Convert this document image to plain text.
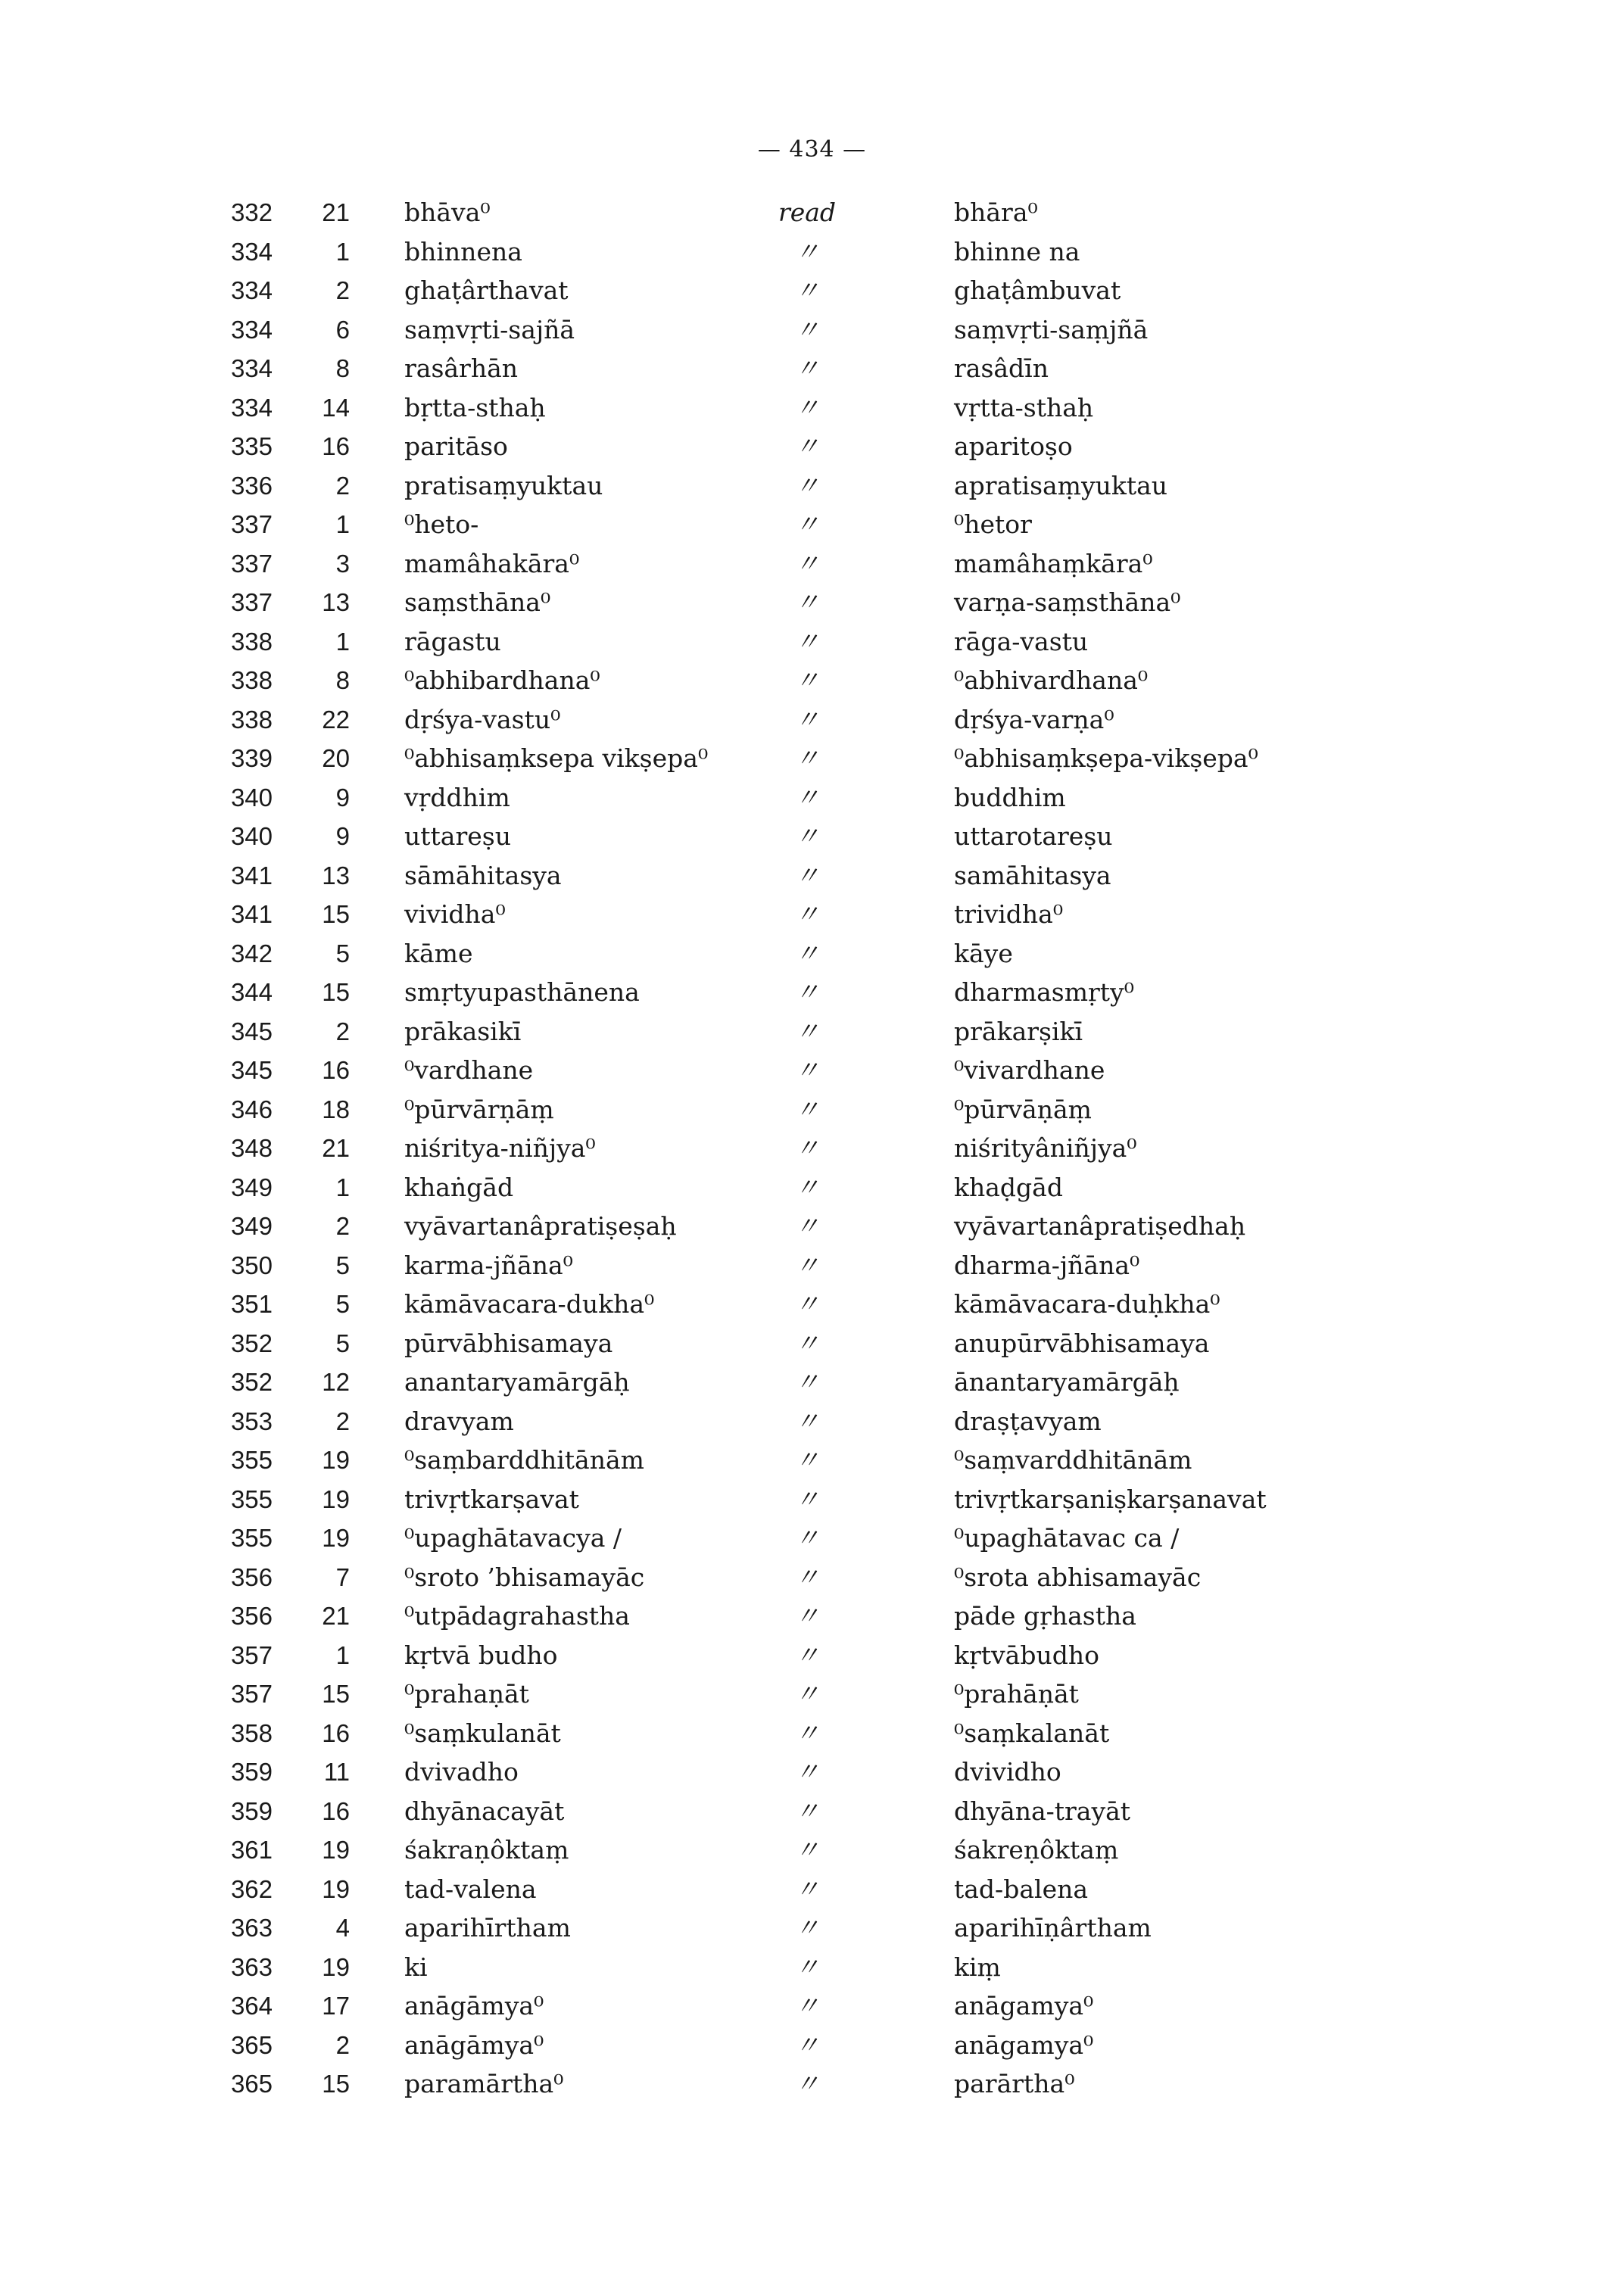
— 434 —
332	21 bhāva⁰	read	bhāra⁰
334	1 bhinnena	〃	bhinne na
334	2 ghaṭârthavat	〃	ghaṭâmbuvat
334	6 saṃvṛti-sajñā	〃	saṃvṛti-saṃjñā
334	8 rasârhān	〃	rasâdīn
334	14 bṛtta-sthaḥ	〃	vṛtta-sthaḥ
335	16 paritāso	〃	aparitoṣo
336	2 pratisaṃyuktau	〃	apratisaṃyuktau
337	1 ⁰heto-	〃	⁰hetor
337	3 mamâhakāra⁰	〃	mamâhaṃkāra⁰
337	13 saṃsthāna⁰	〃	varṇa-saṃsthāna⁰
338	1 rāgastu	〃	rāga-vastu
338	8 ⁰abhibardhana⁰	〃	⁰abhivardhana⁰
338	22 dṛśya-vastu⁰	〃	dṛśya-varṇa⁰
339	20 ⁰abhisaṃksepa vikṣepa⁰	〃	⁰abhisaṃkṣepa-vikṣepa⁰
340	9 vṛddhim	〃	buddhim
340	9 uttareṣu	〃	uttarotareṣu
341	13 sāmāhitasya	〃	samāhitasya
341	15 vividha⁰	〃	trividha⁰
342	5 kāme	〃	kāye
344	15 smṛtyupasthānena	〃	dharmasmṛty⁰
345	2 prākasikī	〃	prākarṣikī
345	16 ⁰vardhane	〃	⁰vivardhane
346	18 ⁰pūrvārṇāṃ	〃	⁰pūrvāṇāṃ
348	21 niśritya-niñjya⁰	〃	niśrityâniñjya⁰
349	1 khaṅgād	〃	khaḍgād
349	2 vyāvartanâpratiṣeṣaḥ	〃	vyāvartanâpratiṣedhaḥ
350	5 karma-jñāna⁰	〃	dharma-jñāna⁰
351	5 kāmāvacara-dukha⁰	〃	kāmāvacara-duḥkha⁰
352	5 pūrvābhisamaya	〃	anupūrvābhisamaya
352	12 anantaryamārgāḥ	〃	ānantaryamārgāḥ
353	2 dravyam	〃	draṣṭavyam
355	19 ⁰saṃbarddhitānām	〃	⁰saṃvarddhitānām
355	19 trivṛtkarṣavat	〃	trivṛtkarṣaniṣkarṣanavat
355	19 ⁰upaghātavacya /	〃	⁰upaghātavac ca /
356	7 ⁰sroto ’bhisamayāc	〃	⁰srota abhisamayāc
356	21 ⁰utpādagrahastha	〃	pāde gṛhastha
357	1 kṛtvā budho	〃	kṛtvābudho
357	15 ⁰prahaṇāt	〃	⁰prahāṇāt
358	16 ⁰saṃkulanāt	〃	⁰saṃkalanāt
359	11 dvivadho	〃	dvividho
359	16 dhyānacayāt	〃	dhyāna-trayāt
361	19 śakraṇôktaṃ	〃	śakreṇôktaṃ
362	19 tad-valena	〃	tad-balena
363	4 aparihīrtham	〃	aparihīṇârtham
363	19 ki	〃	kiṃ
364	17 anāgāmya⁰	〃	anāgamya⁰
365	2 anāgāmya⁰	〃	anāgamya⁰
365	15 paramārtha⁰	〃	parārtha⁰
